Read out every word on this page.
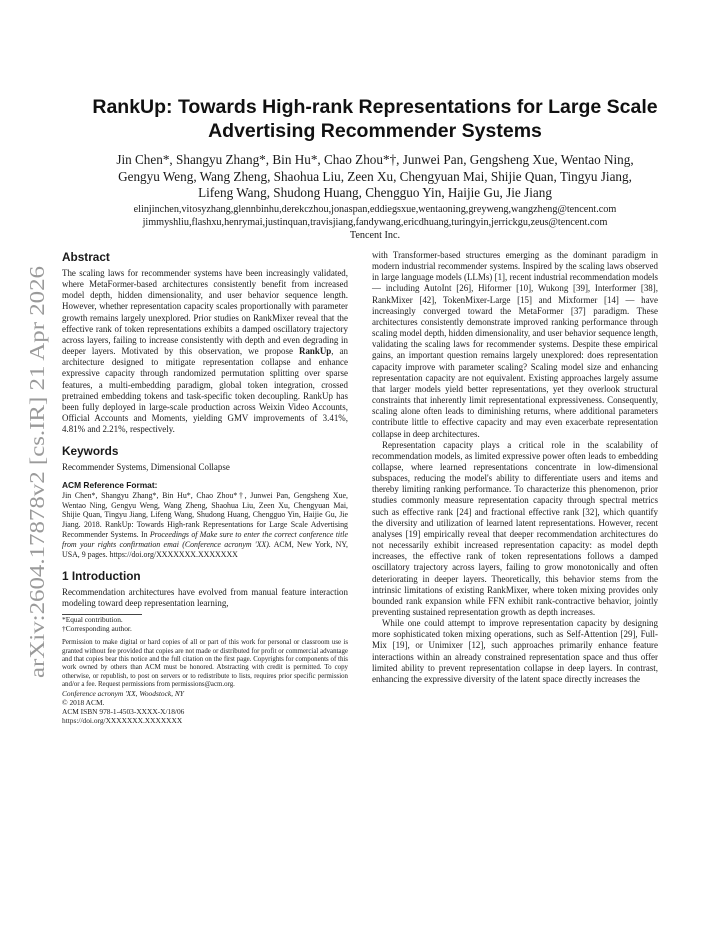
arXiv:2604.17878v2 [cs.IR] 21 Apr 2026
RankUp: Towards High-rank Representations for Large Scale
Advertising Recommender Systems
Jin Chen*, Shangyu Zhang*, Bin Hu*, Chao Zhou*†, Junwei Pan, Gengsheng Xue, Wentao Ning,
Gengyu Weng, Wang Zheng, Shaohua Liu, Zeen Xu, Chengyuan Mai, Shijie Quan, Tingyu Jiang,
Lifeng Wang, Shudong Huang, Chengguo Yin, Haijie Gu, Jie Jiang
elinjinchen,vitosyzhang,glennbinhu,derekczhou,jonaspan,eddiegsxue,wentaoning,greyweng,wangzheng@tencent.com
jimmyshliu,flashxu,henrymai,justinquan,travisjiang,fandywang,ericdhuang,turingyin,jerrickgu,zeus@tencent.com
Tencent Inc.
Abstract

The scaling laws for recommender systems have been increasingly validated, where MetaFormer-based architectures consistently benefit from increased model depth, hidden dimensionality, and user behavior sequence length. However, whether representation capacity scales proportionally with parameter growth remains largely unexplored. Prior studies on RankMixer reveal that the effective rank of token representations exhibits a damped oscillatory trajectory across layers, failing to increase consistently with depth and even degrading in deeper layers. Motivated by this observation, we propose RankUp, an architecture designed to mitigate representation collapse and enhance expressive capacity through randomized permutation splitting over sparse features, a multi-embedding paradigm, global token integration, crossed pretrained embedding tokens and task-specific token decoupling. RankUp has been fully deployed in large-scale production across Weixin Video Accounts, Official Accounts and Moments, yielding GMV improvements of 3.41%, 4.81% and 2.21%, respectively.

Keywords

Recommender Systems, Dimensional Collapse

ACM Reference Format:

Jin Chen*, Shangyu Zhang*, Bin Hu*, Chao Zhou*†, Junwei Pan, Gengsheng Xue, Wentao Ning, Gengyu Weng, Wang Zheng, Shaohua Liu, Zeen Xu, Chengyuan Mai, Shijie Quan, Tingyu Jiang, Lifeng Wang, Shudong Huang, Chengguo Yin, Haijie Gu, Jie Jiang. 2018. RankUp: Towards High-rank Representations for Large Scale Advertising Recommender Systems. In Proceedings of Make sure to enter the correct conference title from your rights confirmation emai (Conference acronym 'XX). ACM, New York, NY, USA, 9 pages. https://doi.org/XXXXXXX.XXXXXXX

1 Introduction

Recommendation architectures have evolved from manual feature interaction modeling toward deep representation learning,

*Equal contribution.
†Corresponding author.

Permission to make digital or hard copies of all or part of this work for personal or classroom use is granted without fee provided that copies are not made or distributed for profit or commercial advantage and that copies bear this notice and the full citation on the first page. Copyrights for components of this work owned by others than ACM must be honored. Abstracting with credit is permitted. To copy otherwise, or republish, to post on servers or to redistribute to lists, requires prior specific permission and/or a fee. Request permissions from permissions@acm.org.

Conference acronym 'XX, Woodstock, NY
© 2018 ACM.
ACM ISBN 978-1-4503-XXXX-X/18/06
https://doi.org/XXXXXXX.XXXXXXX

with Transformer-based structures emerging as the dominant paradigm in modern industrial recommender systems. Inspired by the scaling laws observed in large language models (LLMs) [1], recent industrial recommendation models — including AutoInt [26], Hiformer [10], Wukong [39], Interformer [38], RankMixer [42], TokenMixer-Large [15] and Mixformer [14] — have increasingly converged toward the MetaFormer [37] paradigm. These architectures consistently demonstrate improved ranking performance through scaling model depth, hidden dimensionality, and user behavior sequence length, validating the scaling laws for recommender systems. Despite these empirical gains, an important question remains largely unexplored: does representation capacity improve with parameter scaling? Scaling model size and enhancing representation capacity are not equivalent. Existing approaches largely assume that larger models yield better representations, yet they overlook structural constraints that inherently limit representational expressiveness. Consequently, scaling alone often leads to diminishing returns, where additional parameters contribute little to effective capacity and may even exacerbate representation collapse in deep architectures.

Representation capacity plays a critical role in the scalability of recommendation models, as limited expressive power often leads to embedding collapse, where learned representations concentrate in low-dimensional subspaces, reducing the model's ability to differentiate users and items and thereby limiting ranking performance. To characterize this phenomenon, prior studies commonly measure representation capacity through spectral metrics such as effective rank [24] and fractional effective rank [32], which quantify the diversity and utilization of learned latent representations. However, recent analyses [19] empirically reveal that deeper recommendation architectures do not necessarily exhibit increased representation capacity: as model depth increases, the effective rank of token representations follows a damped oscillatory trajectory across layers, failing to grow monotonically and often deteriorating in deeper layers. Theoretically, this behavior stems from the intrinsic limitations of existing RankMixer, where token mixing provides only bounded rank expansion while FFN exhibit rank-contractive behavior, jointly preventing sustained representation growth as depth increases.

While one could attempt to improve representation capacity by designing more sophisticated token mixing operations, such as Self-Attention [29], Full-Mix [19], or Unimixer [12], such approaches primarily enhance feature interactions within an already constrained representation space and thus offer limited ability to prevent representation collapse in deep layers. In contrast, enhancing the expressive diversity of the latent space directly increases the
